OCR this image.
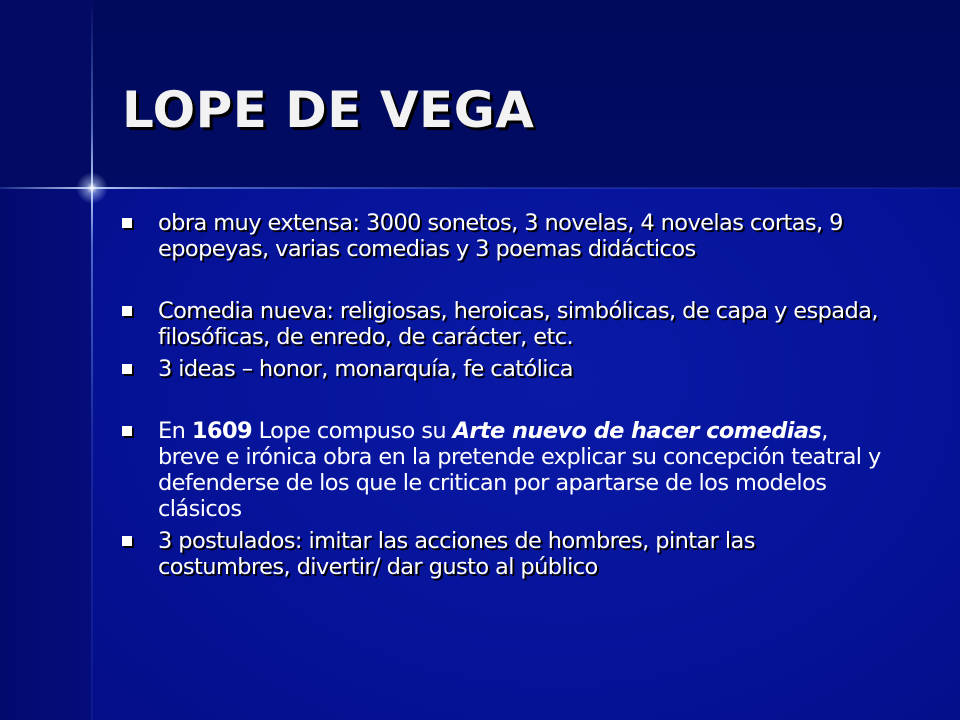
LOPE DE VEGA
obra muy extensa: 3000 sonetos, 3 novelas, 4 novelas cortas, 9 epopeyas, varias comedias y 3 poemas didácticos
Comedia nueva: religiosas, heroicas, simbólicas, de capa y espada, filosóficas, de enredo, de carácter, etc.
3 ideas – honor, monarquía, fe católica
En 1609 Lope compuso su Arte nuevo de hacer comedias, breve e irónica obra en la pretende explicar su concepción teatral y defenderse de los que le critican por apartarse de los modelos clásicos
3 postulados: imitar las acciones de hombres, pintar las costumbres, divertir/ dar gusto al público
